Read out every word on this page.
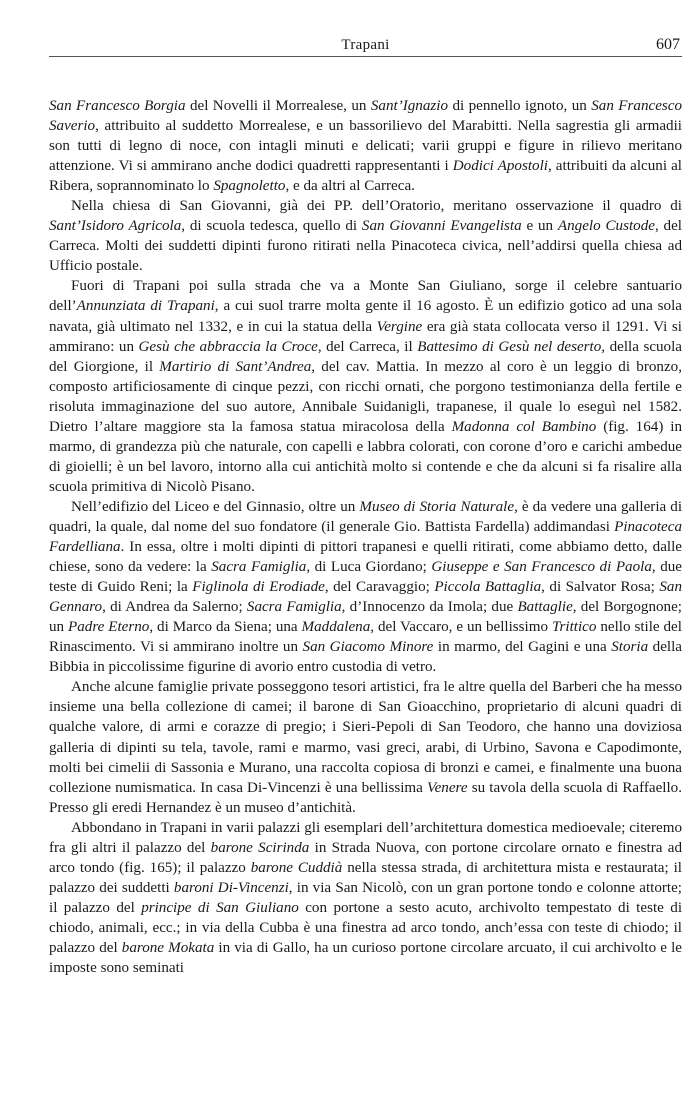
Trapani	607

San Francesco Borgia del Novelli il Morrealese, un Sant’Ignazio di pennello ignoto, un San Francesco Saverio, attribuito al suddetto Morrealese, e un bassorilievo del Marabitti. Nella sagrestia gli armadii son tutti di legno di noce, con intagli minuti e delicati; varii gruppi e figure in rilievo meritano attenzione. Vi si ammirano anche dodici quadretti rappresentanti i Dodici Apostoli, attribuiti da alcuni al Ribera, soprannominato lo Spagnoletto, e da altri al Carreca.

Nella chiesa di San Giovanni, già dei PP. dell’Oratorio, meritano osservazione il quadro di Sant’Isidoro Agricola, di scuola tedesca, quello di San Giovanni Evangelista e un Angelo Custode, del Carreca. Molti dei suddetti dipinti furono ritirati nella Pinacoteca civica, nell’addirsi quella chiesa ad Ufficio postale.

Fuori di Trapani poi sulla strada che va a Monte San Giuliano, sorge il celebre santuario dell’Annunziata di Trapani, a cui suol trarre molta gente il 16 agosto. È un edifizio gotico ad una sola navata, già ultimato nel 1332, e in cui la statua della Vergine era già stata collocata verso il 1291. Vi si ammirano: un Gesù che abbraccia la Croce, del Carreca, il Battesimo di Gesù nel deserto, della scuola del Giorgione, il Martirio di Sant’Andrea, del cav. Mattia. In mezzo al coro è un leggio di bronzo, composto artificiosamente di cinque pezzi, con ricchi ornati, che porgono testimonianza della fertile e risoluta immaginazione del suo autore, Annibale Suidanigli, trapanese, il quale lo eseguì nel 1582. Dietro l’altare maggiore sta la famosa statua miracolosa della Madonna col Bambino (fig. 164) in marmo, di grandezza più che naturale, con capelli e labbra colorati, con corone d’oro e carichi ambedue di gioielli; è un bel lavoro, intorno alla cui antichità molto si contende e che da alcuni si fa risalire alla scuola primitiva di Nicolò Pisano.

Nell’edifizio del Liceo e del Ginnasio, oltre un Museo di Storia Naturale, è da vedere una galleria di quadri, la quale, dal nome del suo fondatore (il generale Gio. Battista Fardella) addimandasi Pinacoteca Fardelliana. In essa, oltre i molti dipinti di pittori trapanesi e quelli ritirati, come abbiamo detto, dalle chiese, sono da vedere: la Sacra Famiglia, di Luca Giordano; Giuseppe e San Francesco di Paola, due teste di Guido Reni; la Figlinola di Erodiade, del Caravaggio; Piccola Battaglia, di Salvator Rosa; San Gennaro, di Andrea da Salerno; Sacra Famiglia, d’Innocenzo da Imola; due Battaglie, del Borgognone; un Padre Eterno, di Marco da Siena; una Maddalena, del Vaccaro, e un bellissimo Trittico nello stile del Rinascimento. Vi si ammirano inoltre un San Giacomo Minore in marmo, del Gagini e una Storia della Bibbia in piccolissime figurine di avorio entro custodia di vetro.

Anche alcune famiglie private posseggono tesori artistici, fra le altre quella del Barberi che ha messo insieme una bella collezione di camei; il barone di San Gioacchino, proprietario di alcuni quadri di qualche valore, di armi e corazze di pregio; i Sieri-Pepoli di San Teodoro, che hanno una doviziosa galleria di dipinti su tela, tavole, rami e marmo, vasi greci, arabi, di Urbino, Savona e Capodimonte, molti bei cimelii di Sassonia e Murano, una raccolta copiosa di bronzi e camei, e finalmente una buona collezione numismatica. In casa Di-Vincenzi è una bellissima Venere su tavola della scuola di Raffaello. Presso gli eredi Hernandez è un museo d’antichità.

Abbondano in Trapani in varii palazzi gli esemplari dell’architettura domestica medioevale; citeremo fra gli altri il palazzo del barone Scirinda in Strada Nuova, con portone circolare ornato e finestra ad arco tondo (fig. 165); il palazzo barone Cuddià nella stessa strada, di architettura mista e restaurata; il palazzo dei suddetti baroni Di-Vincenzi, in via San Nicolò, con un gran portone tondo e colonne attorte; il palazzo del principe di San Giuliano con portone a sesto acuto, archivolto tempestato di teste di chiodo, animali, ecc.; in via della Cubba è una finestra ad arco tondo, anch’essa con teste di chiodo; il palazzo del barone Mokata in via di Gallo, ha un curioso portone circolare arcuato, il cui archivolto e le imposte sono seminati
